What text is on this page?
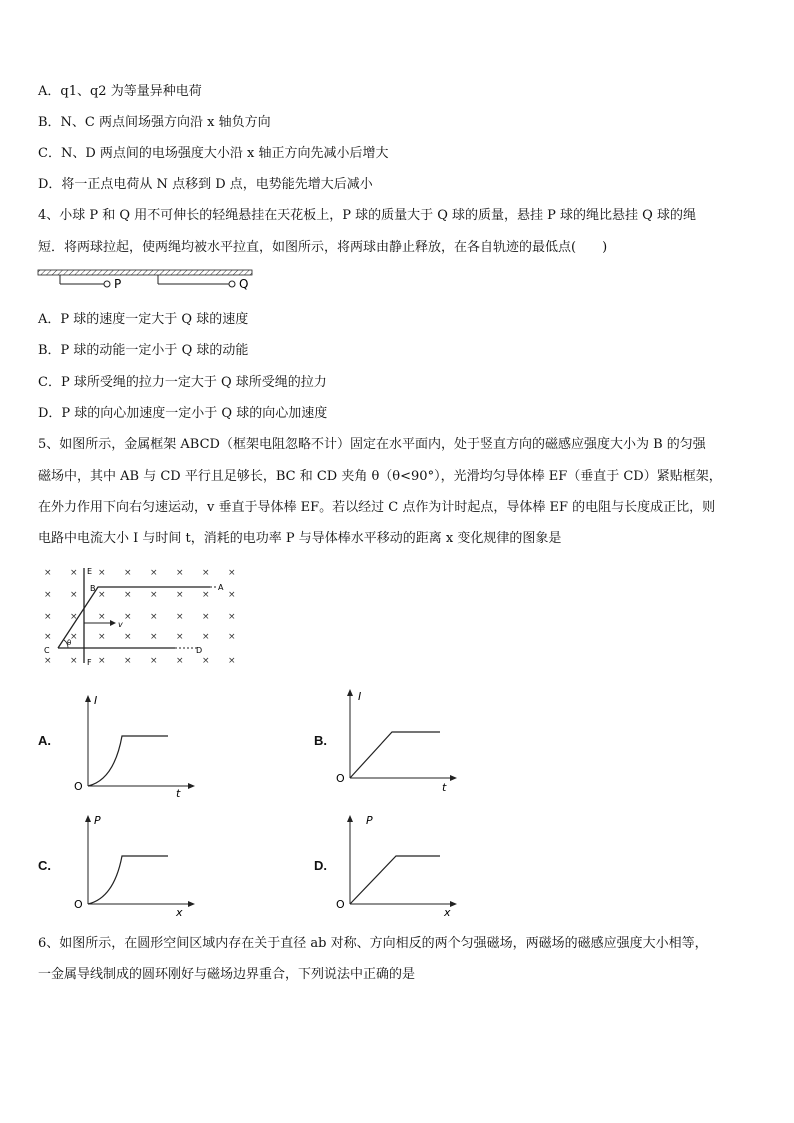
A．q1、q2 为等量异种电荷
B．N、C 两点间场强方向沿 x 轴负方向
C．N、D 两点间的电场强度大小沿 x 轴正方向先减小后增大
D．将一正点电荷从 N 点移到 D 点，电势能先增大后减小
4、小球 P 和 Q 用不可伸长的轻绳悬挂在天花板上，P 球的质量大于 Q 球的质量，悬挂 P 球的绳比悬挂 Q 球的绳
短．将两球拉起，使两绳均被水平拉直，如图所示，将两球由静止释放，在各自轨迹的最低点(　　)
P	Q
A．P 球的速度一定大于 Q 球的速度
B．P 球的动能一定小于 Q 球的动能
C．P 球所受绳的拉力一定大于 Q 球所受绳的拉力
D．P 球的向心加速度一定小于 Q 球的向心加速度
5、如图所示，金属框架 ABCD（框架电阻忽略不计）固定在水平面内，处于竖直方向的磁感应强度大小为 B 的匀强
磁场中，其中 AB 与 CD 平行且足够长，BC 和 CD 夹角 θ（θ<90°），光滑均匀导体棒 EF（垂直于 CD）紧贴框架，
在外力作用下向右匀速运动，v 垂直于导体棒 EF。若以经过 C 点作为计时起点，导体棒 EF 的电阻与长度成正比，则
电路中电流大小 I 与时间 t，消耗的电功率 P 与导体棒水平移动的距离 x 变化规律的图象是
× × × × × × × ×
× × × × × × × ×
× × × × × × × ×
× × × × × × × ×
× × × × × × × ×
E
F
B	A
C	D
θ
v
A.
I
t
O
B.
I
t
O
C.
P
x
O
D.
P
x
O
6、如图所示，在圆形空间区域内存在关于直径 ab 对称、方向相反的两个匀强磁场，两磁场的磁感应强度大小相等，
一金属导线制成的圆环刚好与磁场边界重合，下列说法中正确的是
